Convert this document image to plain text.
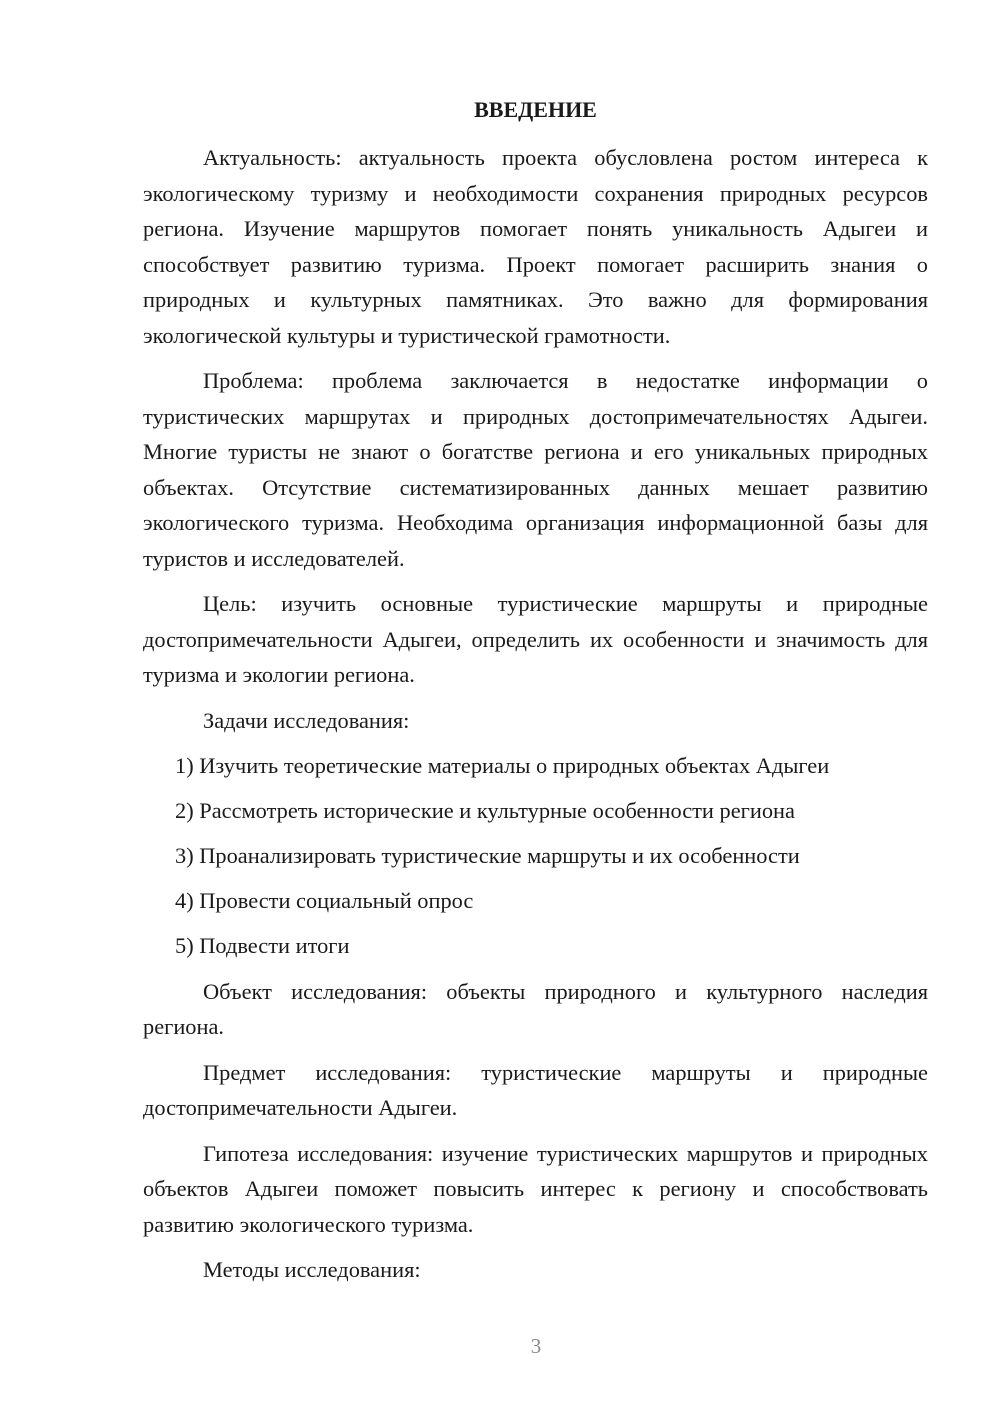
ВВЕДЕНИЕ

Актуальность: актуальность проекта обусловлена ростом интереса к экологическому туризму и необходимости сохранения природных ресурсов региона. Изучение маршрутов помогает понять уникальность Адыгеи и способствует развитию туризма. Проект помогает расширить знания о природных и культурных памятниках. Это важно для формирования экологической культуры и туристической грамотности.

Проблема: проблема заключается в недостатке информации о туристических маршрутах и природных достопримечательностях Адыгеи. Многие туристы не знают о богатстве региона и его уникальных природных объектах. Отсутствие систематизированных данных мешает развитию экологического туризма. Необходима организация информационной базы для туристов и исследователей.

Цель: изучить основные туристические маршруты и природные достопримечательности Адыгеи, определить их особенности и значимость для туризма и экологии региона.

Задачи исследования:

1) Изучить теоретические материалы о природных объектах Адыгеи
2) Рассмотреть исторические и культурные особенности региона
3) Проанализировать туристические маршруты и их особенности
4) Провести социальный опрос
5) Подвести итоги

Объект исследования: объекты природного и культурного наследия региона.

Предмет исследования: туристические маршруты и природные достопримечательности Адыгеи.

Гипотеза исследования: изучение туристических маршрутов и природных объектов Адыгеи поможет повысить интерес к региону и способствовать развитию экологического туризма.

Методы исследования:

3
